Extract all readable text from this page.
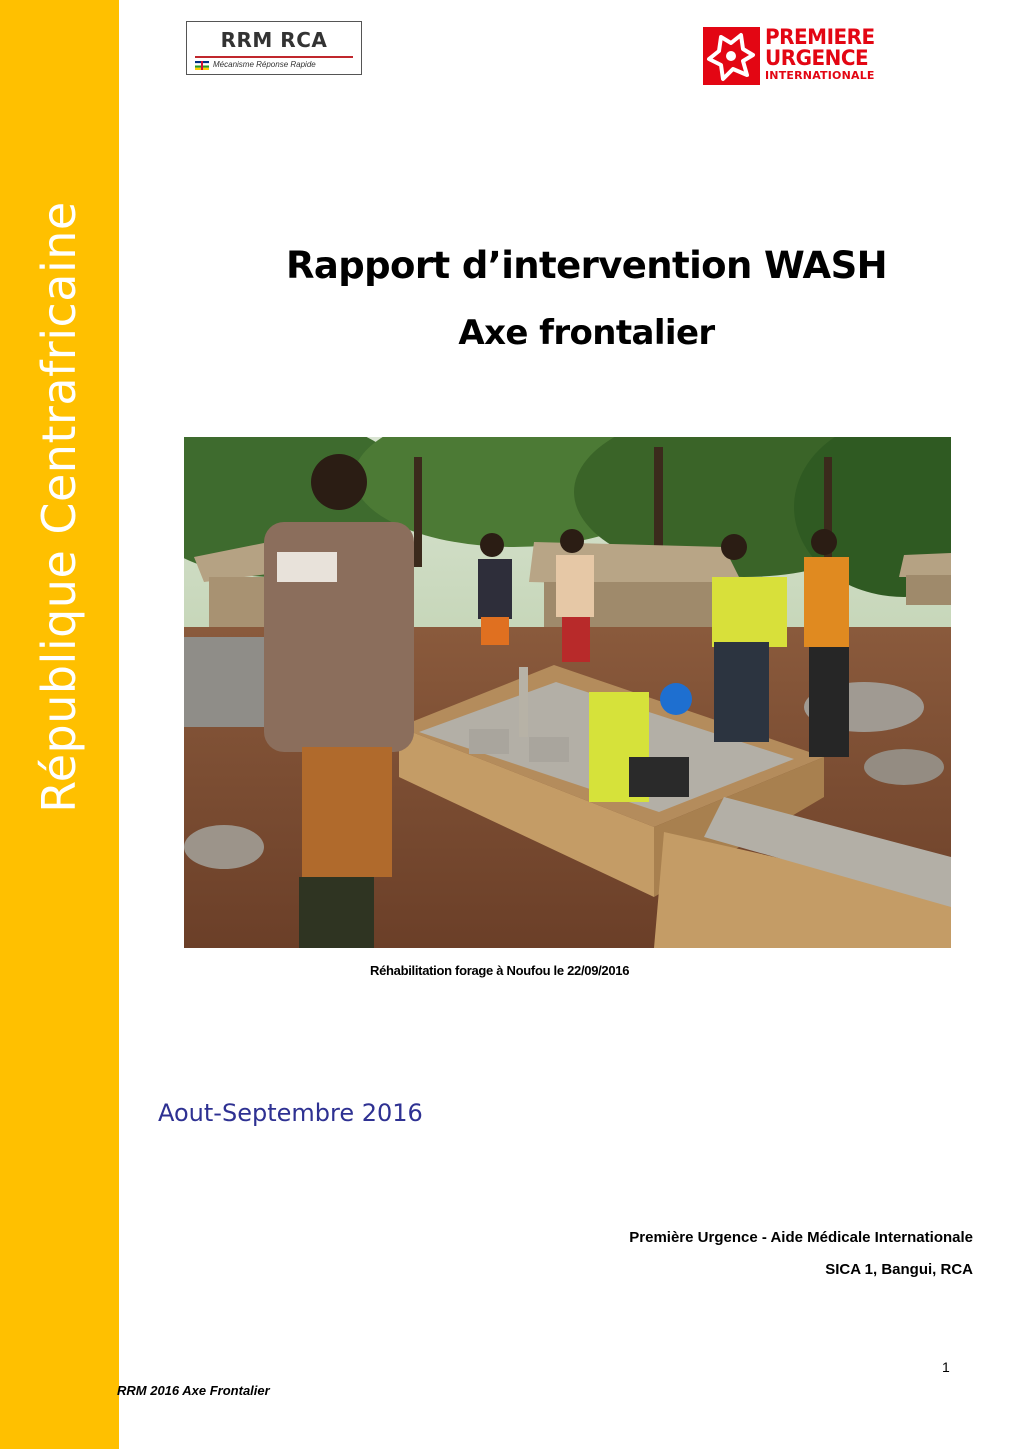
République Centrafricaine
RRM RCA
Mécanisme Réponse Rapide
PREMIERE
URGENCE
INTERNATIONALE
Rapport d’intervention WASH
Axe frontalier
Réhabilitation forage à Noufou le 22/09/2016
Aout-Septembre 2016
Première Urgence - Aide Médicale Internationale
SICA 1, Bangui, RCA
1
RRM 2016 Axe Frontalier
